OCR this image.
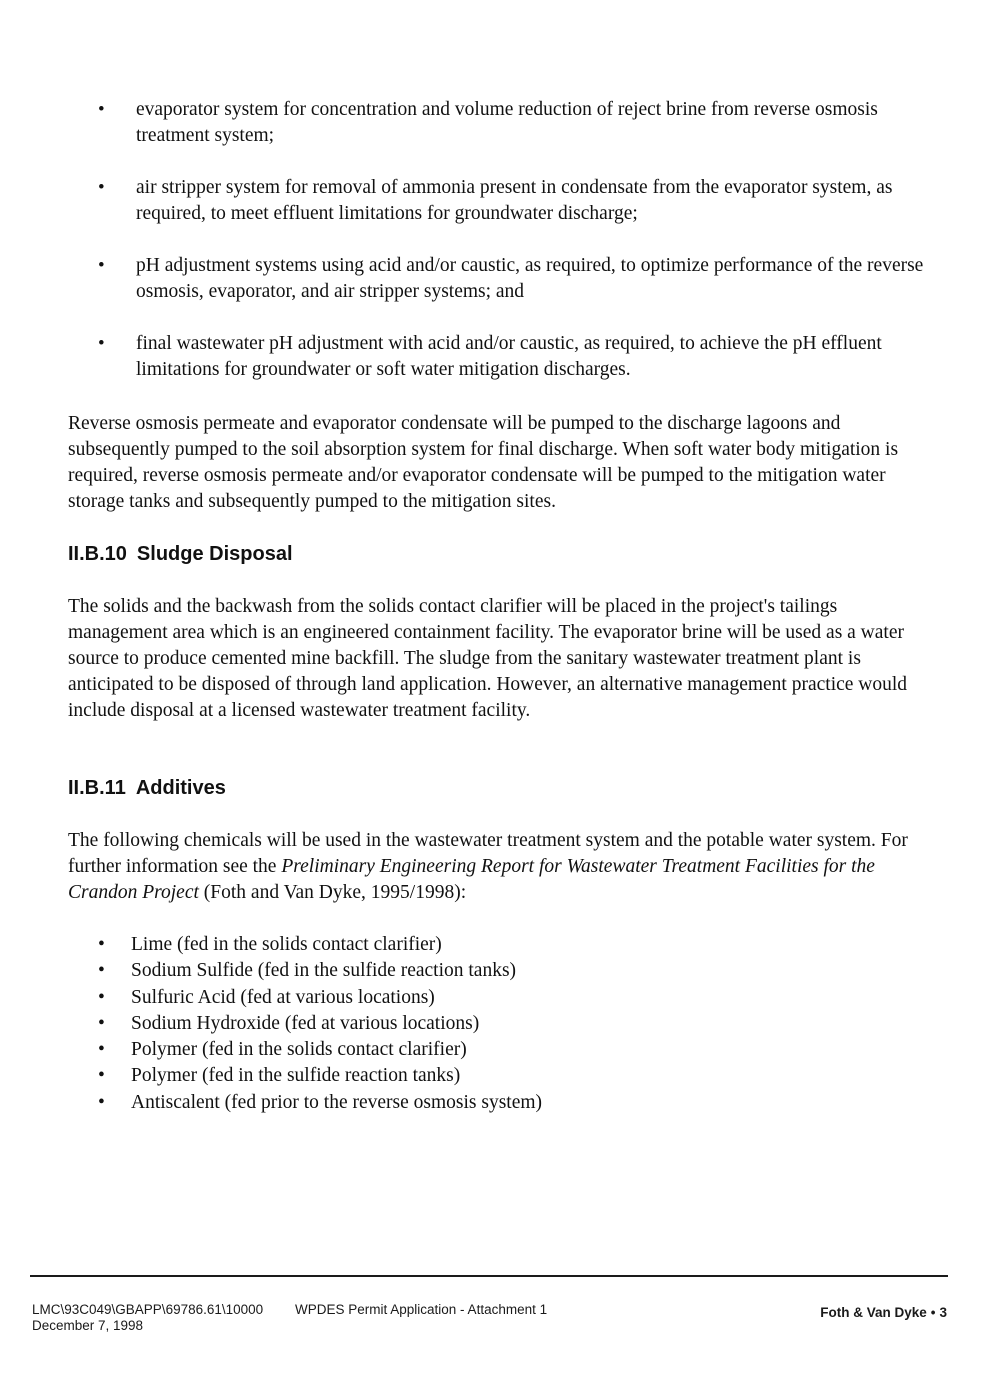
• evaporator system for concentration and volume reduction of reject brine from reverse osmosis treatment system;
• air stripper system for removal of ammonia present in condensate from the evaporator system, as required, to meet effluent limitations for groundwater discharge;
• pH adjustment systems using acid and/or caustic, as required, to optimize performance of the reverse osmosis, evaporator, and air stripper systems; and
• final wastewater pH adjustment with acid and/or caustic, as required, to achieve the pH effluent limitations for groundwater or soft water mitigation discharges.

Reverse osmosis permeate and evaporator condensate will be pumped to the discharge lagoons and subsequently pumped to the soil absorption system for final discharge. When soft water body mitigation is required, reverse osmosis permeate and/or evaporator condensate will be pumped to the mitigation water storage tanks and subsequently pumped to the mitigation sites.

II.B.10 Sludge Disposal

The solids and the backwash from the solids contact clarifier will be placed in the project's tailings management area which is an engineered containment facility. The evaporator brine will be used as a water source to produce cemented mine backfill. The sludge from the sanitary wastewater treatment plant is anticipated to be disposed of through land application. However, an alternative management practice would include disposal at a licensed wastewater treatment facility.

II.B.11 Additives

The following chemicals will be used in the wastewater treatment system and the potable water system. For further information see the Preliminary Engineering Report for Wastewater Treatment Facilities for the Crandon Project (Foth and Van Dyke, 1995/1998):

• Lime (fed in the solids contact clarifier)
• Sodium Sulfide (fed in the sulfide reaction tanks)
• Sulfuric Acid (fed at various locations)
• Sodium Hydroxide (fed at various locations)
• Polymer (fed in the solids contact clarifier)
• Polymer (fed in the sulfide reaction tanks)
• Antiscalent (fed prior to the reverse osmosis system)
LMC\93C049\GBAPP\69786.61\10000
December 7, 1998
WPDES Permit Application - Attachment 1	Foth & Van Dyke • 3
